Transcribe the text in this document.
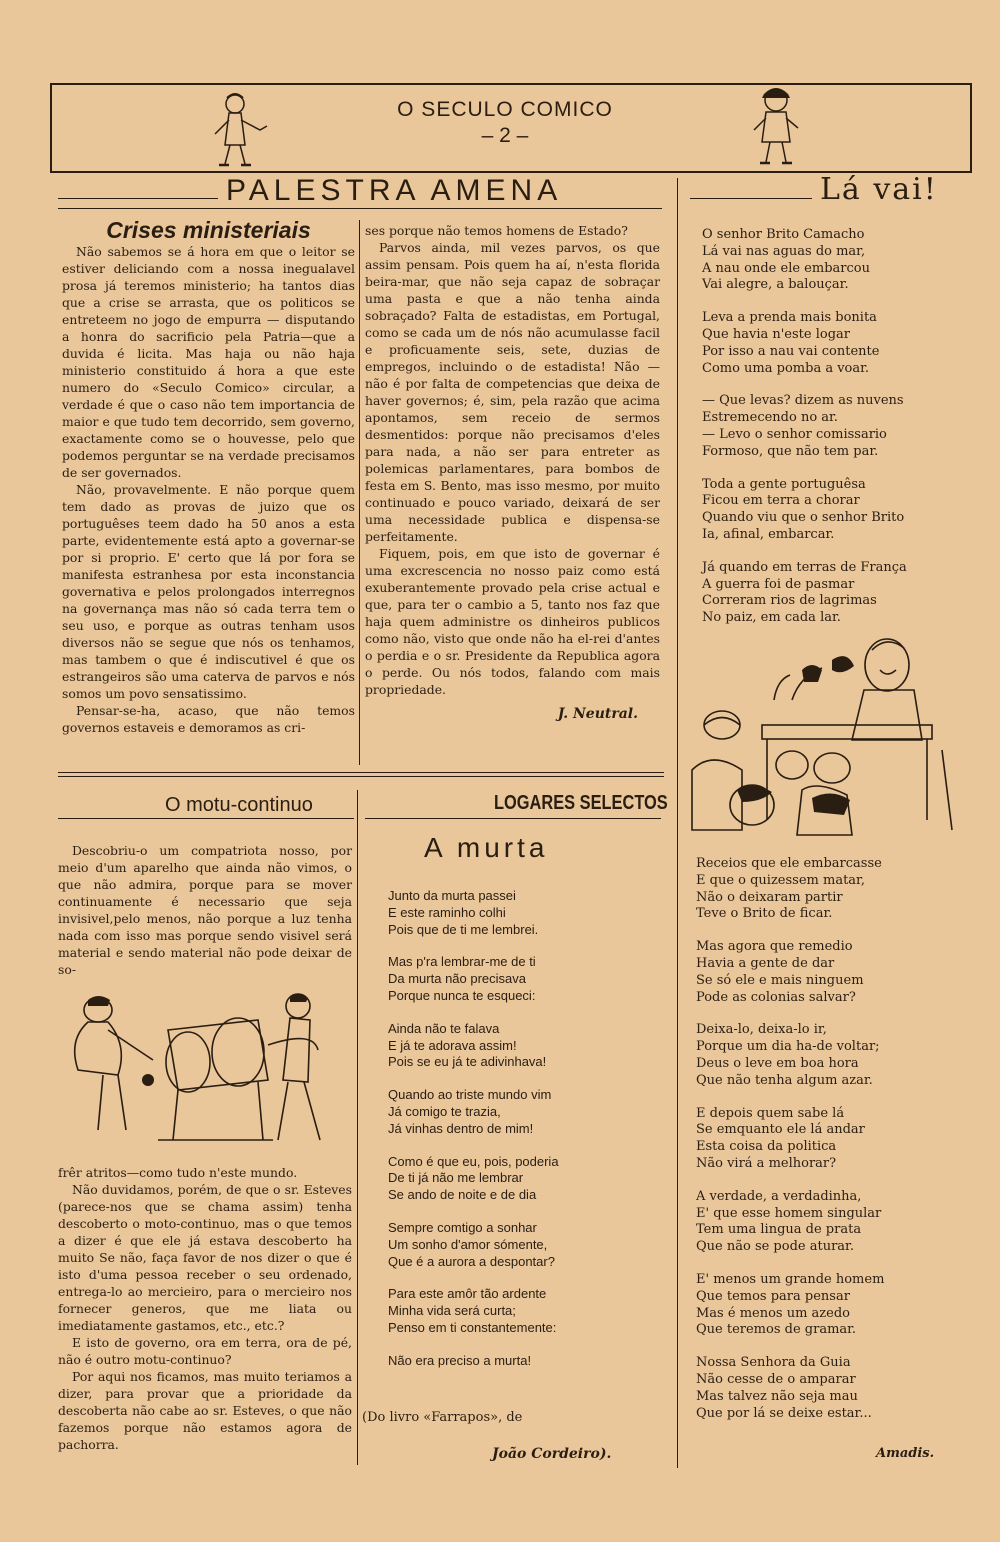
O SECULO COMICO
– 2 –
PALESTRA AMENA	Lá vai!
Crises ministeriais

Não sabemos se á hora em que o leitor se estiver deliciando com a nossa inegualavel prosa já teremos ministerio; ha tantos dias que a crise se arrasta, que os politicos se entreteem no jogo de empurra — disputando a honra do sacrificio pela Patria—que a duvida é licita. Mas haja ou não haja ministerio constituido á hora a que este numero do «Seculo Comico» circular, a verdade é que o caso não tem importancia de maior e que tudo tem decorrido, sem governo, exactamente como se o houvesse, pelo que podemos perguntar se na verdade precisamos de ser governados.

Não, provavelmente. E não porque quem tem dado as provas de juizo que os portuguêses teem dado ha 50 anos a esta parte, evidentemente está apto a governar-se por si proprio. E' certo que lá por fora se manifesta estranhesa por esta inconstancia governativa e pelos prolongados interregnos na governança mas não só cada terra tem o seu uso, e porque as outras tenham usos diversos não se segue que nós os tenhamos, mas tambem o que é indiscutivel é que os estrangeiros são uma caterva de parvos e nós somos um povo sensatissimo.

Pensar-se-ha, acaso, que não temos governos estaveis e demoramos as cri-

ses porque não temos homens de Estado?

Parvos ainda, mil vezes parvos, os que assim pensam. Pois quem ha aí, n'esta florida beira-mar, que não seja capaz de sobraçar uma pasta e que a não tenha ainda sobraçado? Falta de estadistas, em Portugal, como se cada um de nós não acumulasse facil e proficuamente seis, sete, duzias de empregos, incluindo o de estadista! Não — não é por falta de competencias que deixa de haver governos; é, sim, pela razão que acima apontamos, sem receio de sermos desmentidos: porque não precisamos d'eles para nada, a não ser para entreter as polemicas parlamentares, para bombos de festa em S. Bento, mas isso mesmo, por muito continuado e pouco variado, deixará de ser uma necessidade publica e dispensa-se perfeitamente.

Fiquem, pois, em que isto de governar é uma excrescencia no nosso paiz como está exuberantemente provado pela crise actual e que, para ter o cambio a 5, tanto nos faz que haja quem administre os dinheiros publicos como não, visto que onde não ha el-rei d'antes o perdia e o sr. Presidente da Republica agora o perde. Ou nós todos, falando com mais propriedade.

J. Neutral.
O senhor Brito Camacho
Lá vai nas aguas do mar,
A nau onde ele embarcou
Vai alegre, a balouçar.
Leva a prenda mais bonita
Que havia n'este logar
Por isso a nau vai contente
Como uma pomba a voar.
— Que levas? dizem as nuvens
Estremecendo no ar.
— Levo o senhor comissario
Formoso, que não tem par.
Toda a gente portuguêsa
Ficou em terra a chorar
Quando viu que o senhor Brito
Ia, afinal, embarcar.
Já quando em terras de França
A guerra foi de pasmar
Correram rios de lagrimas
No paiz, em cada lar.
Receios que ele embarcasse
E que o quizessem matar,
Não o deixaram partir
Teve o Brito de ficar.
Mas agora que remedio
Havia a gente de dar
Se só ele e mais ninguem
Pode as colonias salvar?
Deixa-lo, deixa-lo ir,
Porque um dia ha-de voltar;
Deus o leve em boa hora
Que não tenha algum azar.
E depois quem sabe lá
Se emquanto ele lá andar
Esta coisa da politica
Não virá a melhorar?
A verdade, a verdadinha,
E' que esse homem singular
Tem uma lingua de prata
Que não se pode aturar.
E' menos um grande homem
Que temos para pensar
Mas é menos um azedo
Que teremos de gramar.
Nossa Senhora da Guia
Não cesse de o amparar
Mas talvez não seja mau
Que por lá se deixe estar...
Amadis.
O motu-continuo

Descobriu-o um compatriota nosso, por meio d'um aparelho que ainda não vimos, o que não admira, porque para se mover continuamente é necessario que seja invisivel,pelo menos, não porque a luz tenha nada com isso mas porque sendo visivel será material e sendo material não pode deixar de so-

frêr atritos—como tudo n'este mundo.

Não duvidamos, porém, de que o sr. Esteves (parece-nos que se chama assim) tenha descoberto o moto-continuo, mas o que temos a dizer é que ele já estava descoberto ha muito Se não, faça favor de nos dizer o que é isto d'uma pessoa receber o seu ordenado, entrega-lo ao mercieiro, para o mercieiro nos fornecer generos, que me liata ou imediatamente gastamos, etc., etc.?

E isto de governo, ora em terra, ora de pé, não é outro motu-continuo?

Por aqui nos ficamos, mas muito teriamos a dizer, para provar que a prioridade da descoberta não cabe ao sr. Esteves, o que não fazemos porque não estamos agora de pachorra.

LOGARES SELECTOS
A murta
Junto da murta passei
E este raminho colhi
Pois que de ti me lembrei.
Mas p'ra lembrar-me de ti
Da murta não precisava
Porque nunca te esqueci:
Ainda não te falava
E já te adorava assim!
Pois se eu já te adivinhava!
Quando ao triste mundo vim
Já comigo te trazia,
Já vinhas dentro de mim!
Como é que eu, pois, poderia
De ti já não me lembrar
Se ando de noite e de dia
Sempre comtigo a sonhar
Um sonho d'amor sómente,
Que é a aurora a despontar?
Para este amôr tão ardente
Minha vida será curta;
Penso em ti constantemente:
Não era preciso a murta!
(Do livro «Farrapos», de
João Cordeiro).
